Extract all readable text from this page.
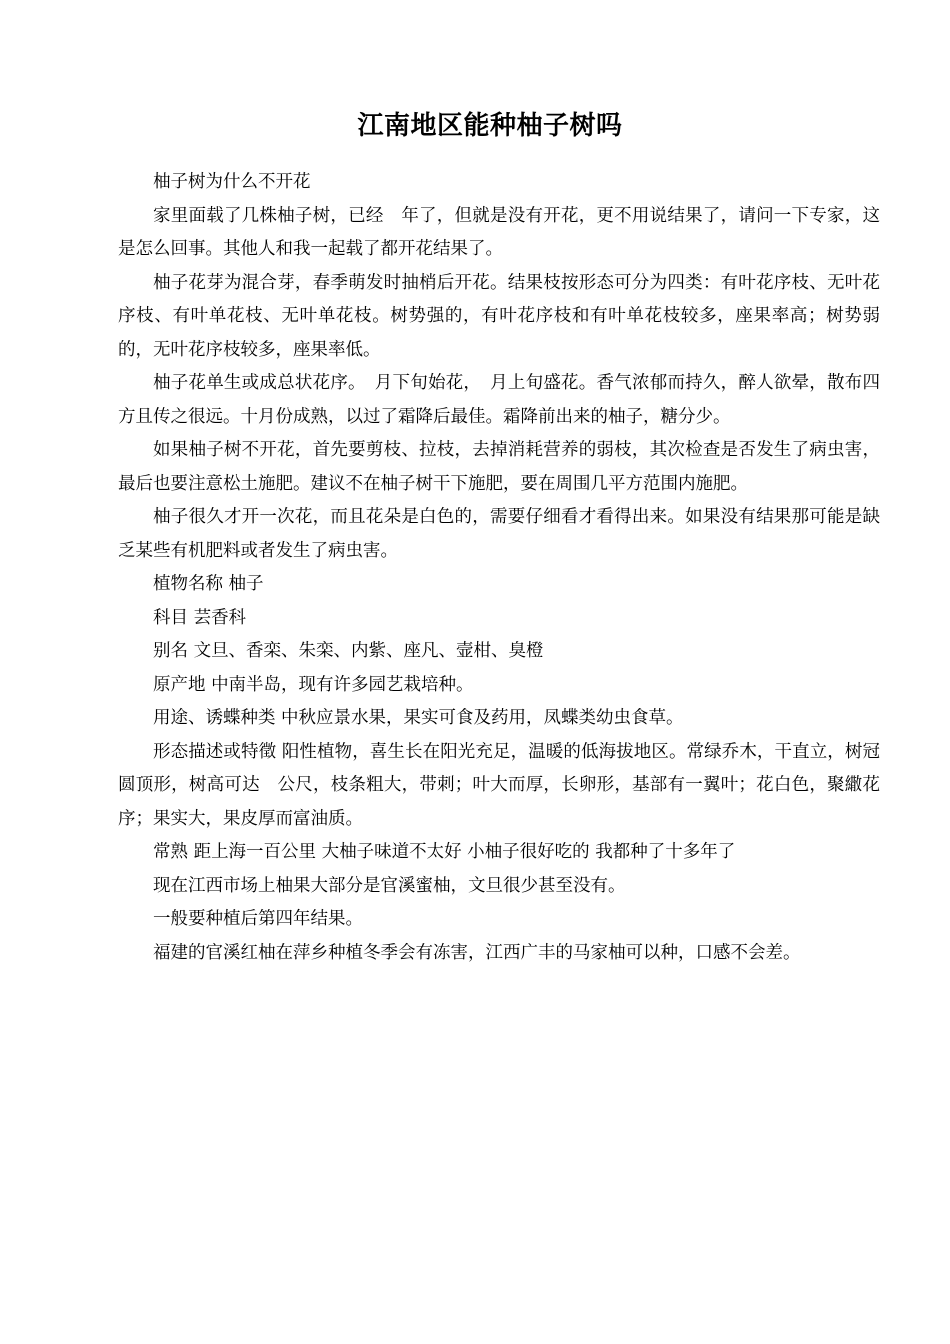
江南地区能种柚子树吗

柚子树为什么不开花

家里面载了几株柚子树，已经　年了，但就是没有开花，更不用说结果了，请问一下专家，这是怎么回事。其他人和我一起载了都开花结果了。

柚子花芽为混合芽，春季萌发时抽梢后开花。结果枝按形态可分为四类：有叶花序枝、无叶花序枝、有叶单花枝、无叶单花枝。树势强的，有叶花序枝和有叶单花枝较多，座果率高；树势弱的，无叶花序枝较多，座果率低。

柚子花单生或成总状花序。　月下旬始花，　月上旬盛花。香气浓郁而持久，醉人欲晕，散布四方且传之很远。十月份成熟，以过了霜降后最佳。霜降前出来的柚子，糖分少。

如果柚子树不开花，首先要剪枝、拉枝，去掉消耗营养的弱枝，其次检查是否发生了病虫害，最后也要注意松土施肥。建议不在柚子树干下施肥，要在周围几平方范围内施肥。

柚子很久才开一次花，而且花朵是白色的，需要仔细看才看得出来。如果没有结果那可能是缺乏某些有机肥料或者发生了病虫害。

植物名称 柚子

科目 芸香科

别名 文旦、香栾、朱栾、内紫、座凡、壸柑、臭橙

原产地 中南半岛，现有许多园艺栽培种。

用途、诱蝶种类 中秋应景水果，果实可食及药用，凤蝶类幼虫食草。

形态描述或特徵 阳性植物，喜生长在阳光充足，温暖的低海拔地区。常绿乔木，干直立，树冠圆顶形，树高可达　公尺，枝条粗大，带刺；叶大而厚，长卵形，基部有一翼叶；花白色，聚繖花序；果实大，果皮厚而富油质。

常熟 距上海一百公里 大柚子味道不太好 小柚子很好吃的 我都种了十多年了

现在江西市场上柚果大部分是官溪蜜柚，文旦很少甚至没有。

一般要种植后第四年结果。

福建的官溪红柚在萍乡种植冬季会有冻害，江西广丰的马家柚可以种，口感不会差。
